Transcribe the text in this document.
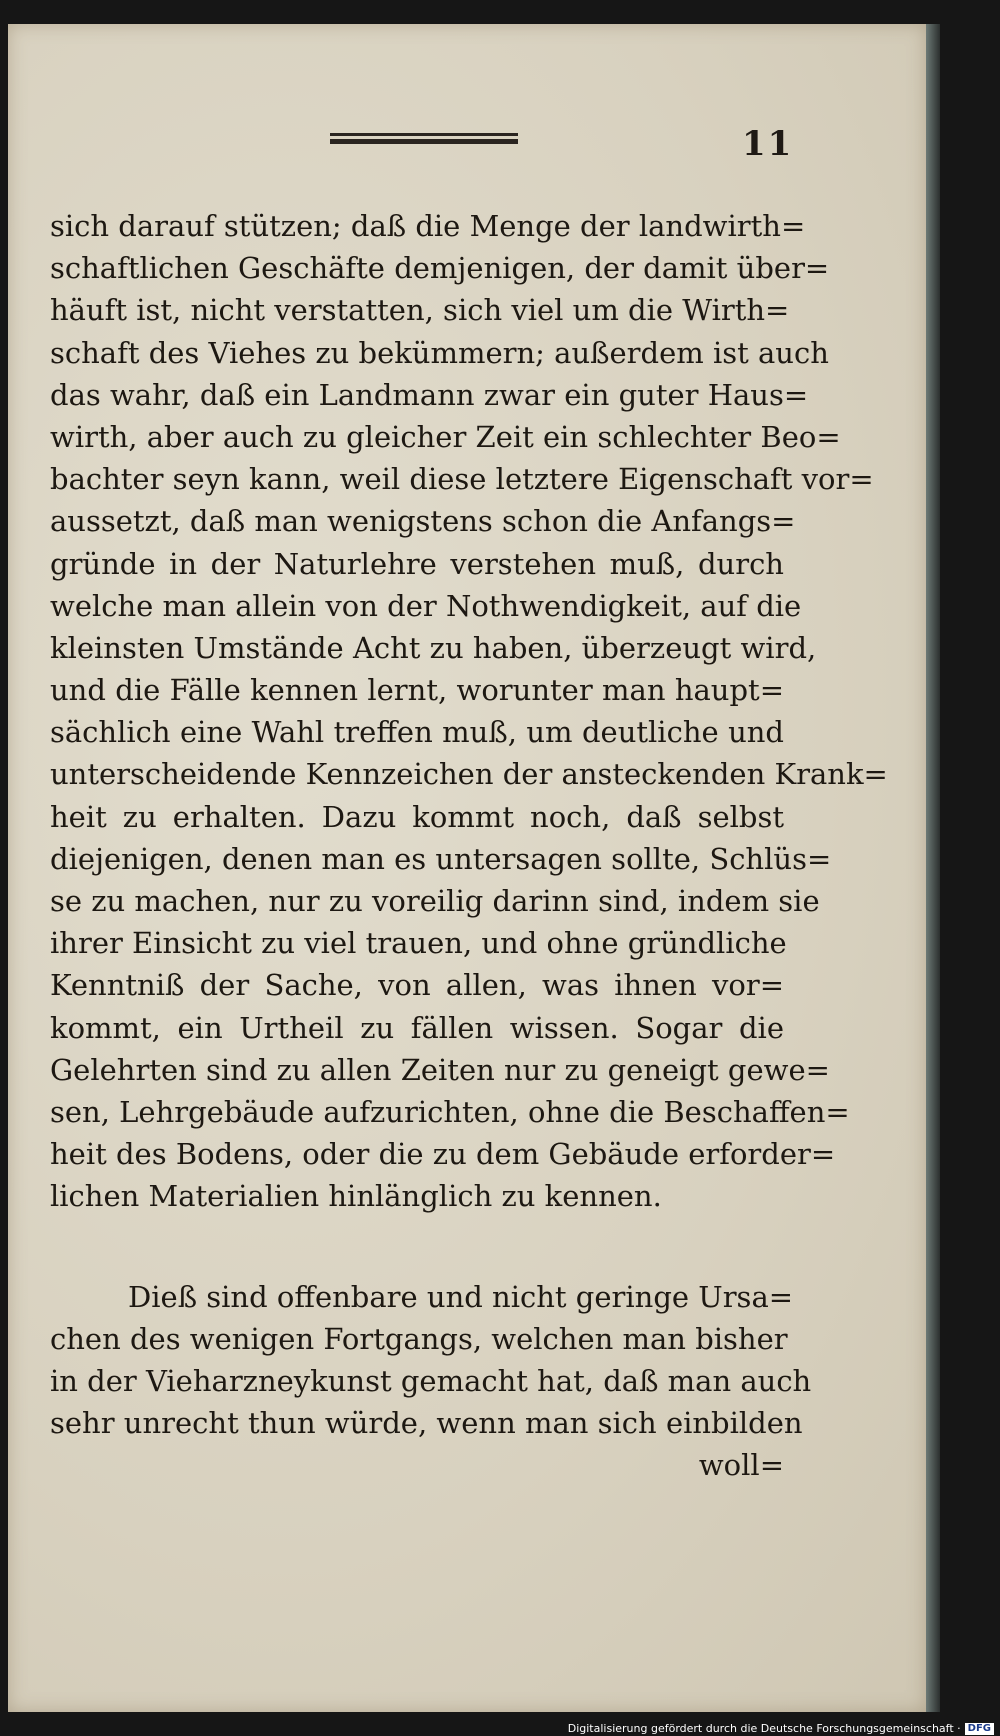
11
sich darauf stützen; daß die Menge der landwirth=
schaftlichen Geschäfte demjenigen, der damit über=
häuft ist, nicht verstatten, sich viel um die Wirth=
schaft des Viehes zu bekümmern; außerdem ist auch
das wahr, daß ein Landmann zwar ein guter Haus=
wirth, aber auch zu gleicher Zeit ein schlechter Beo=
bachter seyn kann, weil diese letztere Eigenschaft vor=
aussetzt, daß man wenigstens schon die Anfangs=
gründe in der Naturlehre verstehen muß, durch
welche man allein von der Nothwendigkeit, auf die
kleinsten Umstände Acht zu haben, überzeugt wird,
und die Fälle kennen lernt, worunter man haupt=
sächlich eine Wahl treffen muß, um deutliche und
unterscheidende Kennzeichen der ansteckenden Krank=
heit zu erhalten. Dazu kommt noch, daß selbst
diejenigen, denen man es untersagen sollte, Schlüs=
se zu machen, nur zu voreilig darinn sind, indem sie
ihrer Einsicht zu viel trauen, und ohne gründliche
Kenntniß der Sache, von allen, was ihnen vor=
kommt, ein Urtheil zu fällen wissen. Sogar die
Gelehrten sind zu allen Zeiten nur zu geneigt gewe=
sen, Lehrgebäude aufzurichten, ohne die Beschaffen=
heit des Bodens, oder die zu dem Gebäude erforder=
lichen Materialien hinlänglich zu kennen.
Dieß sind offenbare und nicht geringe Ursa=
chen des wenigen Fortgangs, welchen man bisher
in der Vieharzneykunst gemacht hat, daß man auch
sehr unrecht thun würde, wenn man sich einbilden
woll=
Digitalisierung gefördert durch die Deutsche Forschungsgemeinschaft · DFG
